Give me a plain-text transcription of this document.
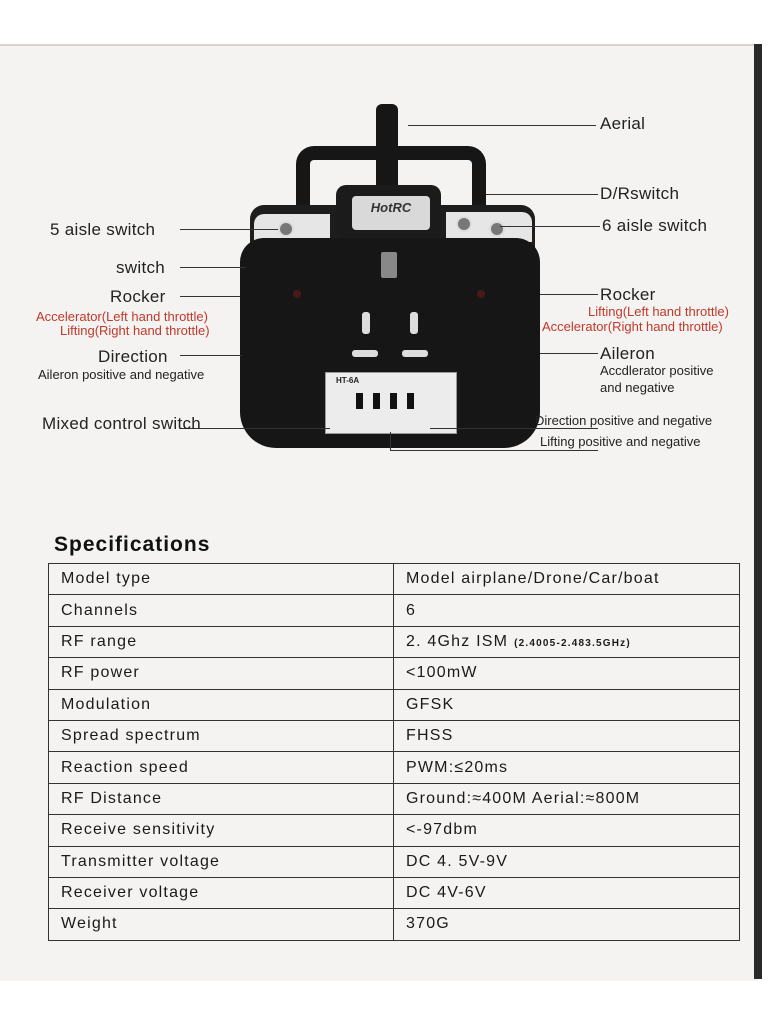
HotRC
HT-6A
Aerial
D/Rswitch
5 aisle switch	6 aisle switch
switch
Rocker
Accelerator(Left hand throttle)
Lifting(Right hand throttle)
Rocker
Lifting(Left hand throttle)
Accelerator(Right hand throttle)
Direction
Aileron positive and negative
Aileron
Accdlerator positive
and negative
Mixed control switch	Direction positive and negative
Lifting positive and negative
Specifications
Model type	Model airplane/Drone/Car/boat
Channels	6
RF range	2. 4Ghz ISM (2.4005-2.483.5GHz)
RF power	<100mW
Modulation	GFSK
Spread spectrum	FHSS
Reaction speed	PWM:≤20ms
RF Distance	Ground:≈400M Aerial:≈800M
Receive sensitivity	<-97dbm
Transmitter voltage	DC 4. 5V-9V
Receiver voltage	DC 4V-6V
Weight	370G
